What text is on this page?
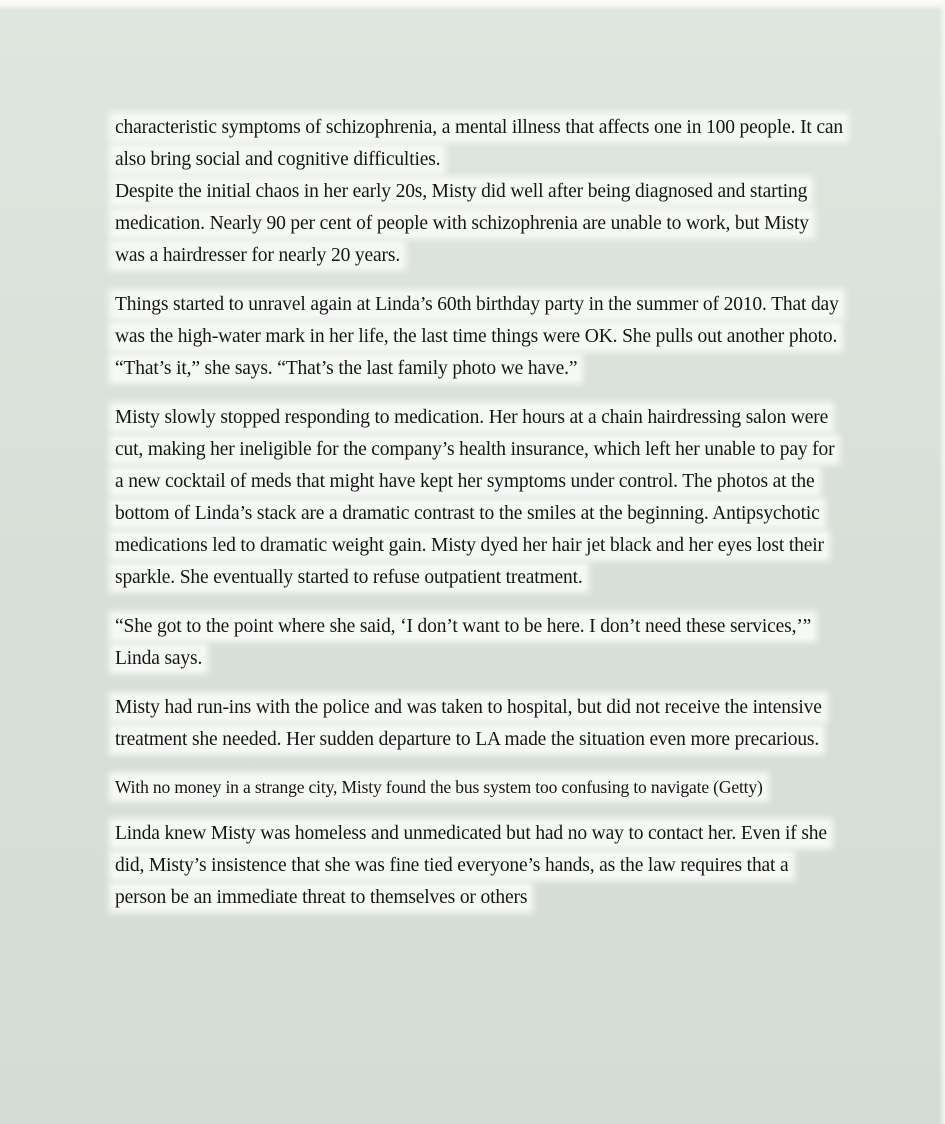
characteristic symptoms of schizophrenia, a mental illness that affects one in 100 people. It can also bring social and cognitive difficulties.

Despite the initial chaos in her early 20s, Misty did well after being diagnosed and starting medication. Nearly 90 per cent of people with schizophrenia are unable to work, but Misty was a hairdresser for nearly 20 years.

Things started to unravel again at Linda’s 60th birthday party in the summer of 2010. That day was the high-water mark in her life, the last time things were OK. She pulls out another photo. “That’s it,” she says. “That’s the last family photo we have.”

Misty slowly stopped responding to medication. Her hours at a chain hairdressing salon were cut, making her ineligible for the company’s health insurance, which left her unable to pay for a new cocktail of meds that might have kept her symptoms under control. The photos at the bottom of Linda’s stack are a dramatic contrast to the smiles at the beginning. Antipsychotic medications led to dramatic weight gain. Misty dyed her hair jet black and her eyes lost their sparkle. She eventually started to refuse outpatient treatment.

“She got to the point where she said, ‘I don’t want to be here. I don’t need these services,’” Linda says.

Misty had run-ins with the police and was taken to hospital, but did not receive the intensive treatment she needed. Her sudden departure to LA made the situation even more precarious.

With no money in a strange city, Misty found the bus system too confusing to navigate (Getty)

Linda knew Misty was homeless and unmedicated but had no way to contact her. Even if she did, Misty’s insistence that she was fine tied everyone’s hands, as the law requires that a person be an immediate threat to themselves or others
